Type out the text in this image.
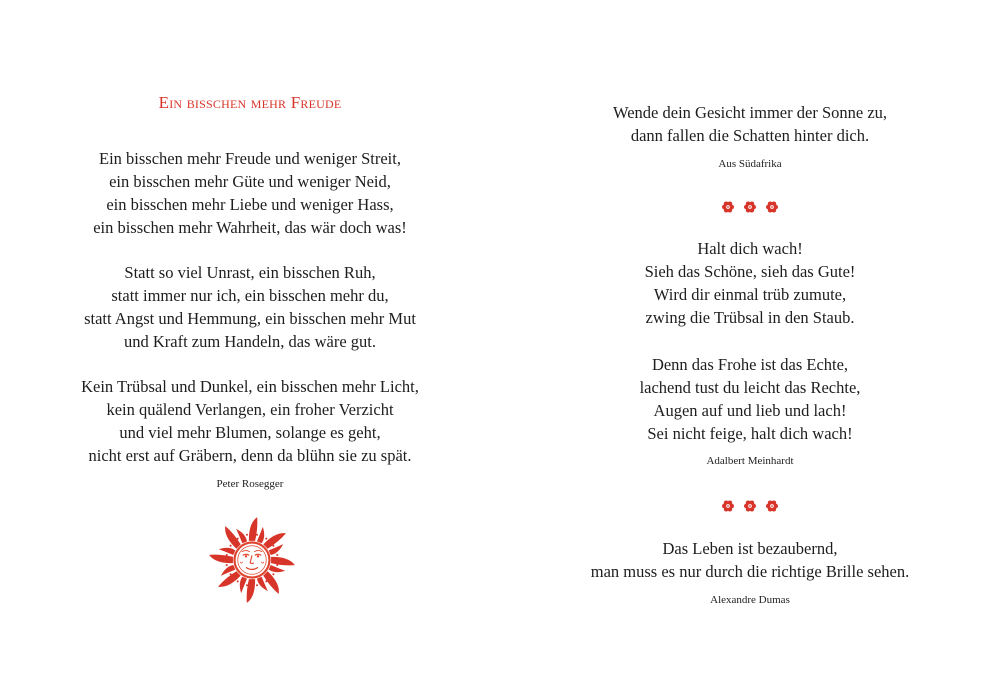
Ein bisschen mehr Freude
Ein bisschen mehr Freude und weniger Streit,
ein bisschen mehr Güte und weniger Neid,
ein bisschen mehr Liebe und weniger Hass,
ein bisschen mehr Wahrheit, das wär doch was!
Statt so viel Unrast, ein bisschen Ruh,
statt immer nur ich, ein bisschen mehr du,
statt Angst und Hemmung, ein bisschen mehr Mut
und Kraft zum Handeln, das wäre gut.
Kein Trübsal und Dunkel, ein bisschen mehr Licht,
kein quälend Verlangen, ein froher Verzicht
und viel mehr Blumen, solange es geht,
nicht erst auf Gräbern, denn da blühn sie zu spät.
Peter Rosegger
Wende dein Gesicht immer der Sonne zu,
dann fallen die Schatten hinter dich.
Aus Südafrika
Halt dich wach!
Sieh das Schöne, sieh das Gute!
Wird dir einmal trüb zumute,
zwing die Trübsal in den Staub.
Denn das Frohe ist das Echte,
lachend tust du leicht das Rechte,
Augen auf und lieb und lach!
Sei nicht feige, halt dich wach!
Adalbert Meinhardt
Das Leben ist bezaubernd,
man muss es nur durch die richtige Brille sehen.
Alexandre Dumas
